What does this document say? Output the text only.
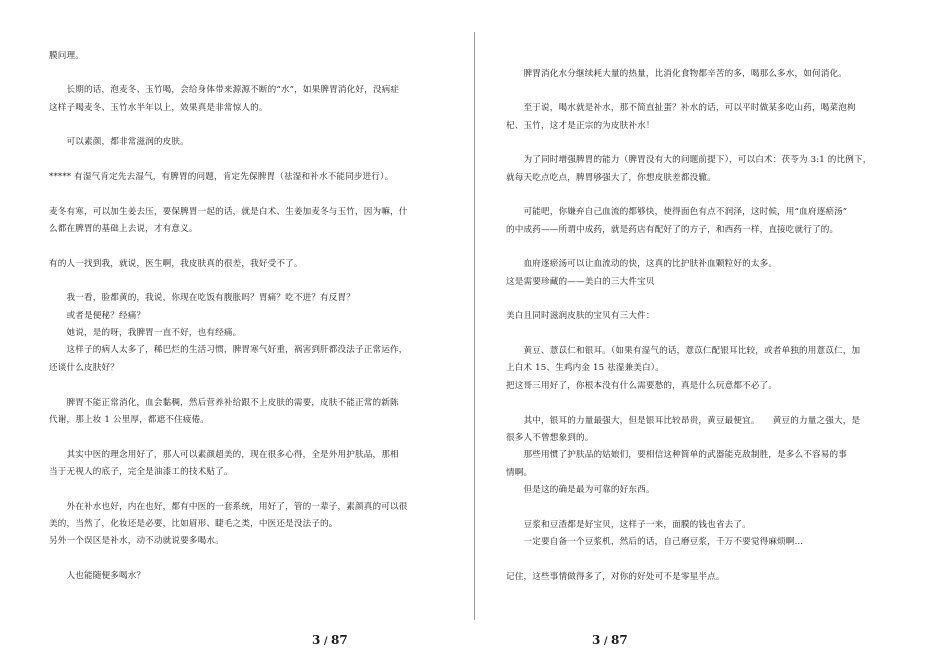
膜问理。
　　长期的话，泡麦冬、玉竹喝，会给身体带来源源不断的“水”，如果脾胃消化好，没病症
这样子喝麦冬、玉竹水半年以上，效果真是非常惊人的。
　　可以素颜，都非常滋润的皮肤。
***** 有湿气肯定先去湿气，有脾胃的问题，肯定先保脾胃（祛湿和补水不能同步进行）。
麦冬有寒，可以加生姜去压，要保脾胃一起的话，就是白术、生姜加麦冬与玉竹，因为嘛，什
么都在脾胃的基础上去说，才有意义。
有的人一找到我，就说，医生啊，我皮肤真的很差，我好受不了。
　　我一看，脸都黄的，我说，你现在吃饭有腹胀吗？胃痛？吃不进？有反胃？
　　或者是便秘？经痛？
　　她说，是的呀，我脾胃一直不好，也有经痛。
　　这样子的病人太多了，稀巴烂的生活习惯，脾胃寒气好重，祸害到肝都没法子正常运作，
还谈什么皮肤好？
　　脾胃不能正常消化，血会黏稠，然后营养补给跟不上皮肤的需要，皮肤不能正常的新陈
代谢，那上妆 1 公里厚，都遮不住疲倦。
　　其实中医的理念用好了，那人可以素颜超美的，现在很多心得，全是外用护肤品，那相
当于无视人的底子，完全是油漆工的技术贴了。
　　外在补水也好，内在也好，都有中医的一套系统，用好了，管的一辈子，素颜真的可以很
美的，当然了，化妆还是必要，比如眉形、睫毛之类，中医还是没法子的。
另外一个误区是补水，动不动就说要多喝水。
　　人也能随便多喝水？
3 / 87
　　脾胃消化水分继续耗大量的热量，比消化食物都辛苦的多，喝那么多水，如何消化。
　　至于说，喝水就是补水，那不简直扯蛋？补水的话，可以平时做某多吃山药，喝菜泡枸
杞、玉竹，这才是正宗的为皮肤补水！
　　为了同时增强脾胃的能力（脾胃没有大的问题前提下），可以白术：茯苓为 3:1 的比例下，
就每天吃点吃点，脾胃够强大了，你想皮肤差都没辙。
　　可能吧，你嫌弃自己血流的都够快，使得面色有点不润泽，这时候，用“血府逐瘀汤”
的中成药——所谓中成药，就是药店有配好了的方子，和西药一样，直接吃就行了的。
　　血府逐瘀汤可以让血流动的快，这真的比护肤补血颗粒好的太多。
这是需要珍藏的——美白的三大件宝贝
美白且同时滋润皮肤的宝贝有三大件：
　　黄豆、薏苡仁和银耳。（如果有湿气的话，薏苡仁配银耳比较，或者单独的用薏苡仁，加
上白术 15、生鸡内金 15 祛湿兼美白）。
把这哥三用好了，你根本没有什么需要愁的，真是什么玩意都不必了。
　　其中，银耳的力量最强大，但是银耳比较昂贵，黄豆最便宜。　　黄豆的力量之强大，是
很多人不曾想象到的。
　　那些用惯了护肤品的姑娘们，要相信这种简单的武器能克敌制胜，是多么不容易的事
情啊。
　　但是这的确是最为可靠的好东西。
　　豆浆和豆渣都是好宝贝，这样子一来，面膜的钱也省去了。
　　一定要自备一个豆浆机，然后的话，自己磨豆浆，千万不要觉得麻烦啊…
记住，这些事情做得多了，对你的好处可不是零星半点。
3 / 87
